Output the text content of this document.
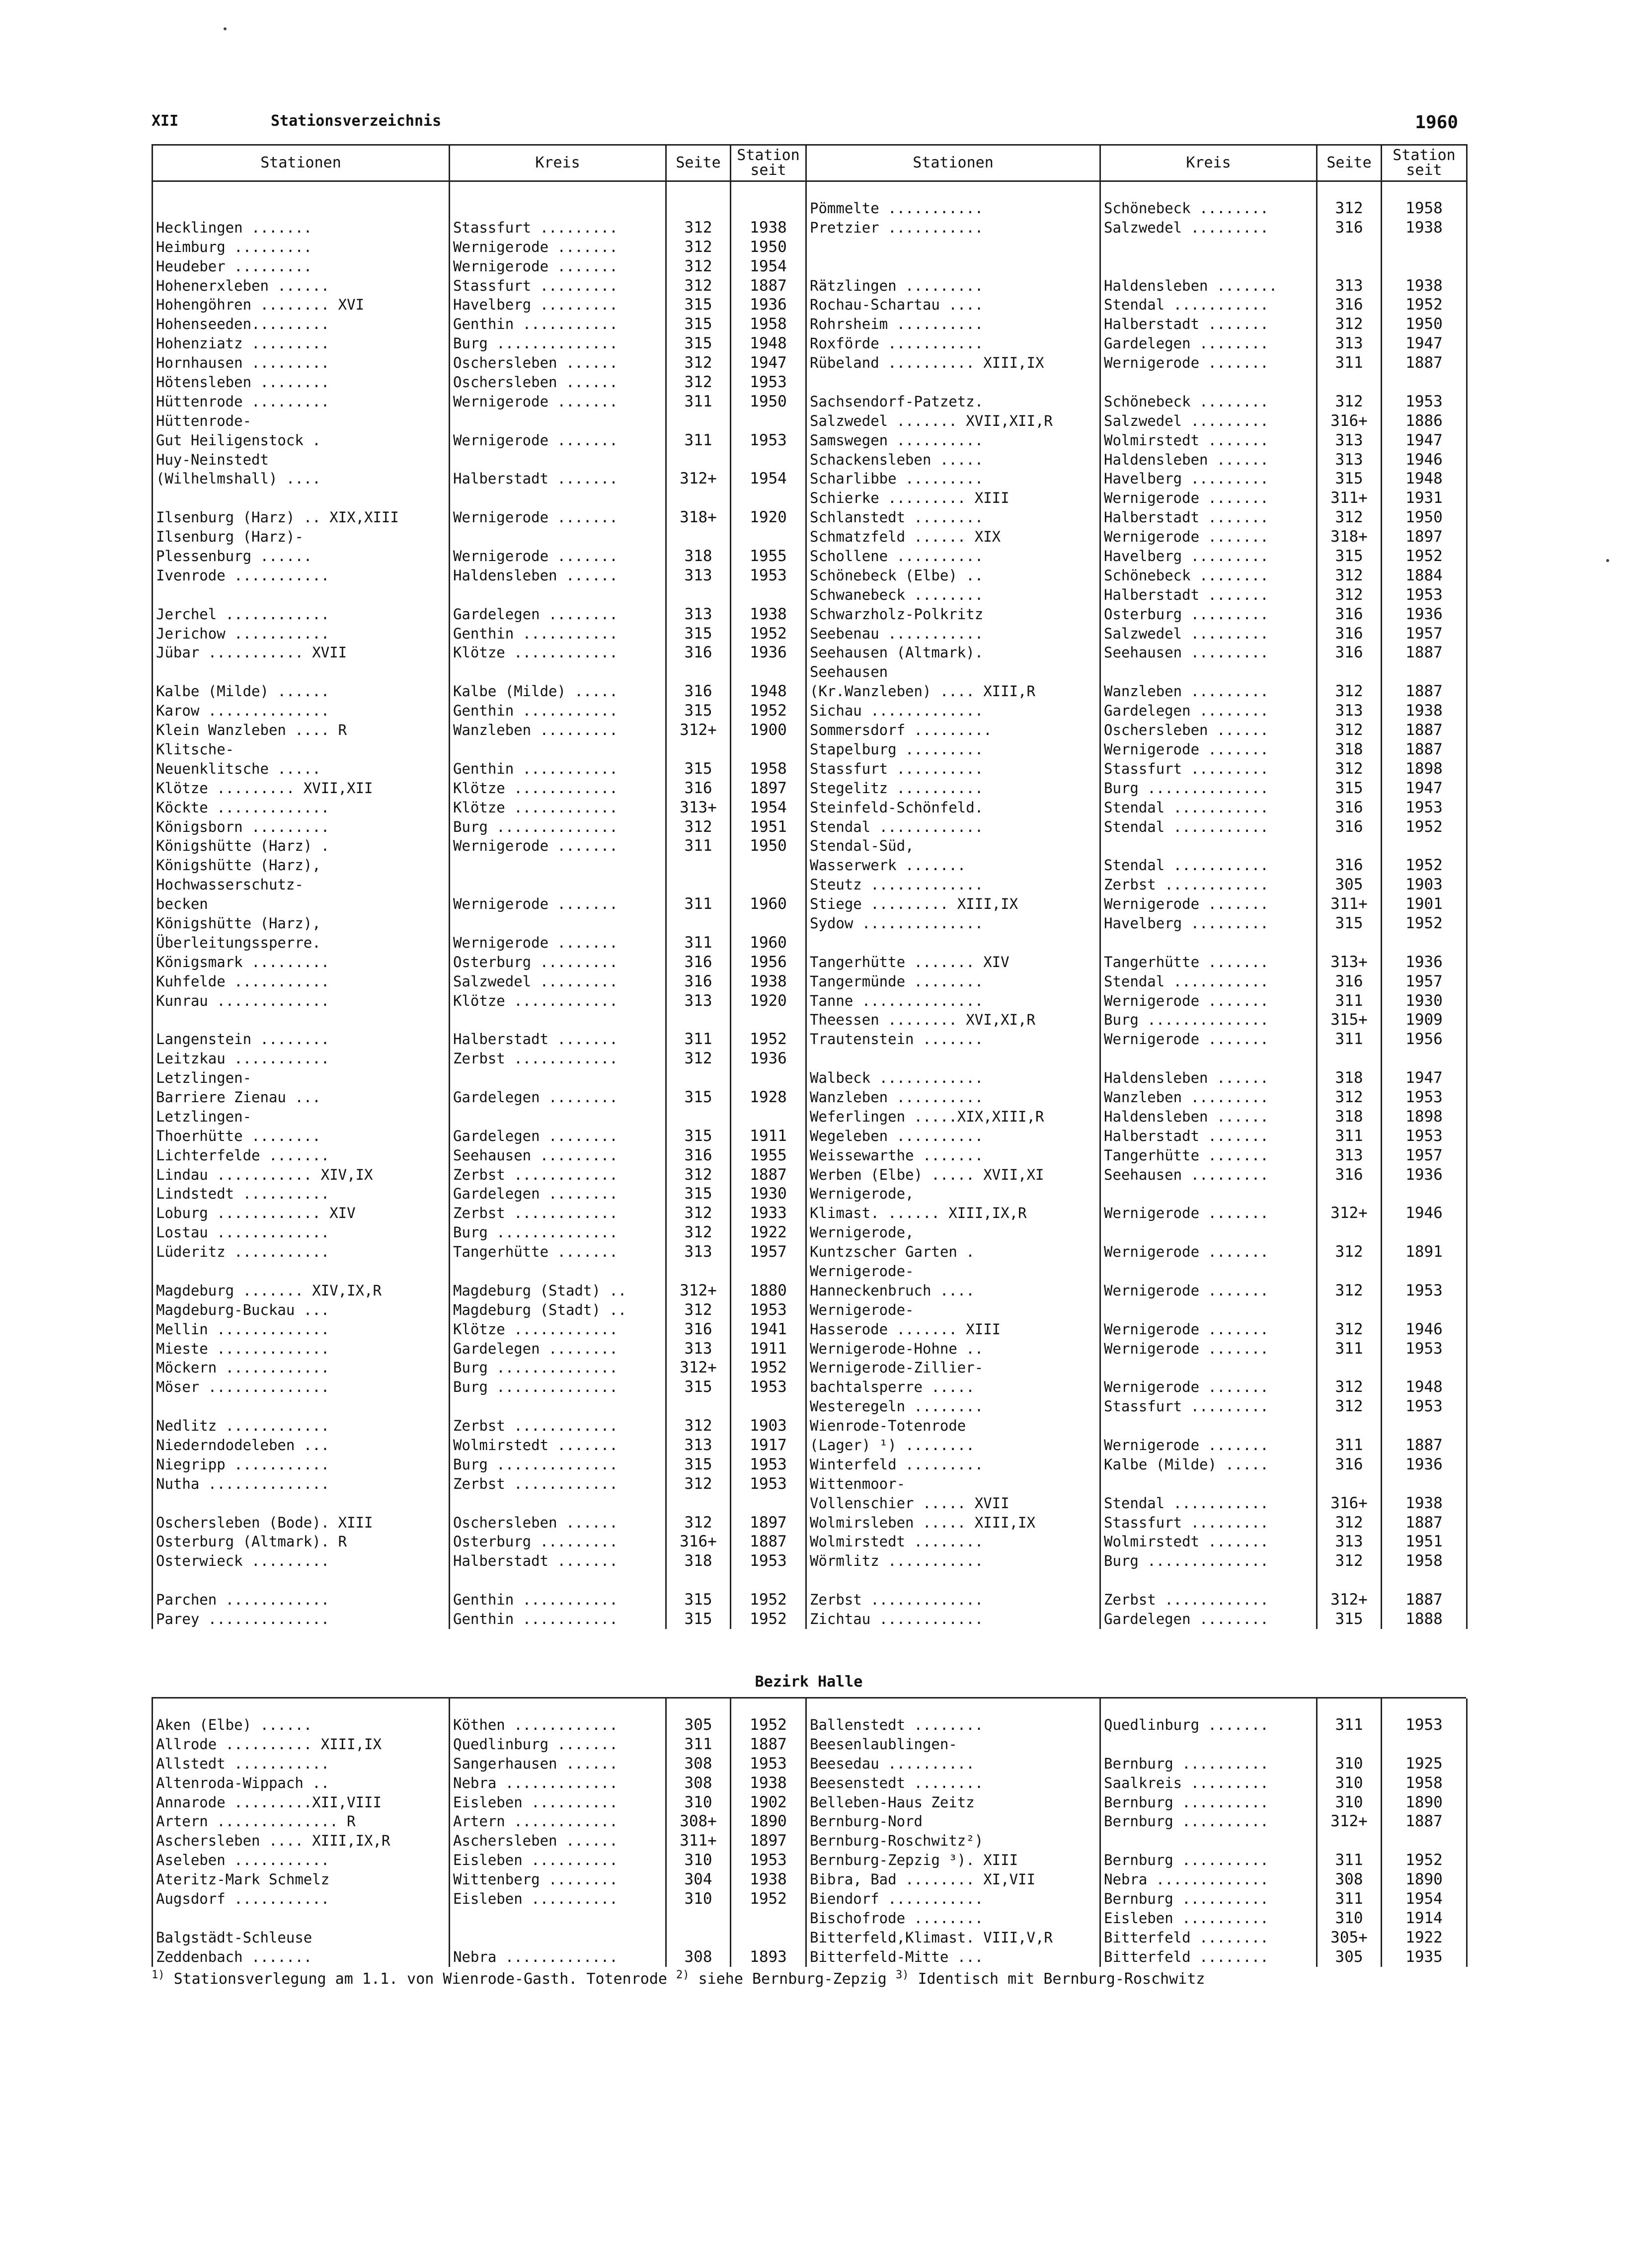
XII	Stationsverzeichnis	1960
Stationen	Kreis	Seite	Station seit	Stationen	Kreis	Seite	Station seit

				Pömmelte ...........	Schönebeck ........	312	1958
Hecklingen .......	Stassfurt .........	312	1938	Pretzier ...........	Salzwedel .........	316	1938
Heimburg .........	Wernigerode .......	312	1950				
Heudeber .........	Wernigerode .......	312	1954				
Hohenerxleben ......	Stassfurt .........	312	1887	Rätzlingen .........	Haldensleben .......	313	1938
Hohengöhren ........ XVI	Havelberg .........	315	1936	Rochau-Schartau ....	Stendal ...........	316	1952
Hohenseeden.........	Genthin ...........	315	1958	Rohrsheim ..........	Halberstadt .......	312	1950
Hohenziatz .........	Burg ..............	315	1948	Roxförde ...........	Gardelegen ........	313	1947
Hornhausen .........	Oschersleben ......	312	1947	Rübeland .......... XIII,IX	Wernigerode .......	311	1887
Hötensleben ........	Oschersleben ......	312	1953				
Hüttenrode .........	Wernigerode .......	311	1950	Sachsendorf-Patzetz.	Schönebeck ........	312	1953
Hüttenrode-				Salzwedel ....... XVII,XII,R	Salzwedel .........	316+	1886
Gut Heiligenstock .	Wernigerode .......	311	1953	Samswegen ..........	Wolmirstedt .......	313	1947
Huy-Neinstedt				Schackensleben .....	Haldensleben ......	313	1946
(Wilhelmshall) ....	Halberstadt .......	312+	1954	Scharlibbe .........	Havelberg .........	315	1948
				Schierke ......... XIII	Wernigerode .......	311+	1931
Ilsenburg (Harz) .. XIX,XIII	Wernigerode .......	318+	1920	Schlanstedt ........	Halberstadt .......	312	1950
Ilsenburg (Harz)-				Schmatzfeld ...... XIX	Wernigerode .......	318+	1897
Plessenburg ......	Wernigerode .......	318	1955	Schollene ..........	Havelberg .........	315	1952
Ivenrode ...........	Haldensleben ......	313	1953	Schönebeck (Elbe) ..	Schönebeck ........	312	1884
				Schwanebeck ........	Halberstadt .......	312	1953
Jerchel ............	Gardelegen ........	313	1938	Schwarzholz-Polkritz	Osterburg .........	316	1936
Jerichow ...........	Genthin ...........	315	1952	Seebenau ...........	Salzwedel .........	316	1957
Jübar ........... XVII	Klötze ............	316	1936	Seehausen (Altmark).	Seehausen .........	316	1887
				Seehausen			
Kalbe (Milde) ......	Kalbe (Milde) .....	316	1948	(Kr.Wanzleben) .... XIII,R	Wanzleben .........	312	1887
Karow ..............	Genthin ...........	315	1952	Sichau .............	Gardelegen ........	313	1938
Klein Wanzleben .... R	Wanzleben .........	312+	1900	Sommersdorf .........	Oschersleben ......	312	1887
Klitsche-				Stapelburg .........	Wernigerode .......	318	1887
Neuenklitsche .....	Genthin ...........	315	1958	Stassfurt ..........	Stassfurt .........	312	1898
Klötze ......... XVII,XII	Klötze ............	316	1897	Stegelitz ..........	Burg ..............	315	1947
Köckte .............	Klötze ............	313+	1954	Steinfeld-Schönfeld.	Stendal ...........	316	1953
Königsborn .........	Burg ..............	312	1951	Stendal ............	Stendal ...........	316	1952
Königshütte (Harz) .	Wernigerode .......	311	1950	Stendal-Süd,			
Königshütte (Harz),				Wasserwerk .......	Stendal ...........	316	1952
Hochwasserschutz-				Steutz .............	Zerbst ............	305	1903
becken	Wernigerode .......	311	1960	Stiege ......... XIII,IX	Wernigerode .......	311+	1901
Königshütte (Harz),				Sydow ..............	Havelberg .........	315	1952
Überleitungssperre.	Wernigerode .......	311	1960				
Königsmark .........	Osterburg .........	316	1956	Tangerhütte ....... XIV	Tangerhütte .......	313+	1936
Kuhfelde ...........	Salzwedel .........	316	1938	Tangermünde ........	Stendal ...........	316	1957
Kunrau .............	Klötze ............	313	1920	Tanne ..............	Wernigerode .......	311	1930
				Theessen ........ XVI,XI,R	Burg ..............	315+	1909
Langenstein ........	Halberstadt .......	311	1952	Trautenstein .......	Wernigerode .......	311	1956
Leitzkau ...........	Zerbst ............	312	1936				
Letzlingen-				Walbeck ............	Haldensleben ......	318	1947
Barriere Zienau ...	Gardelegen ........	315	1928	Wanzleben ..........	Wanzleben .........	312	1953
Letzlingen-				Weferlingen .....XIX,XIII,R	Haldensleben ......	318	1898
Thoerhütte ........	Gardelegen ........	315	1911	Wegeleben ..........	Halberstadt .......	311	1953
Lichterfelde .......	Seehausen .........	316	1955	Weissewarthe .......	Tangerhütte .......	313	1957
Lindau ........... XIV,IX	Zerbst ............	312	1887	Werben (Elbe) ..... XVII,XI	Seehausen .........	316	1936
Lindstedt ..........	Gardelegen ........	315	1930	Wernigerode,			
Loburg ............ XIV	Zerbst ............	312	1933	Klimast. ...... XIII,IX,R	Wernigerode .......	312+	1946
Lostau .............	Burg ..............	312	1922	Wernigerode,			
Lüderitz ...........	Tangerhütte .......	313	1957	Kuntzscher Garten .	Wernigerode .......	312	1891
				Wernigerode-			
Magdeburg ....... XIV,IX,R	Magdeburg (Stadt) ..	312+	1880	Hanneckenbruch ....	Wernigerode .......	312	1953
Magdeburg-Buckau ...	Magdeburg (Stadt) ..	312	1953	Wernigerode-			
Mellin .............	Klötze ............	316	1941	Hasserode ....... XIII	Wernigerode .......	312	1946
Mieste .............	Gardelegen ........	313	1911	Wernigerode-Hohne ..	Wernigerode .......	311	1953
Möckern ............	Burg ..............	312+	1952	Wernigerode-Zillier-			
Möser ..............	Burg ..............	315	1953	bachtalsperre .....	Wernigerode .......	312	1948
				Westeregeln ........	Stassfurt .........	312	1953
Nedlitz ............	Zerbst ............	312	1903	Wienrode-Totenrode			
Niederndodeleben ...	Wolmirstedt .......	313	1917	(Lager) ¹) ........	Wernigerode .......	311	1887
Niegripp ...........	Burg ..............	315	1953	Winterfeld .........	Kalbe (Milde) .....	316	1936
Nutha ..............	Zerbst ............	312	1953	Wittenmoor-			
				Vollenschier ..... XVII	Stendal ...........	316+	1938
Oschersleben (Bode). XIII	Oschersleben ......	312	1897	Wolmirsleben ..... XIII,IX	Stassfurt .........	312	1887
Osterburg (Altmark). R	Osterburg .........	316+	1887	Wolmirstedt ........	Wolmirstedt .......	313	1951
Osterwieck .........	Halberstadt .......	318	1953	Wörmlitz ...........	Burg ..............	312	1958

Parchen ............	Genthin ...........	315	1952	Zerbst .............	Zerbst ............	312+	1887
Parey ..............	Genthin ...........	315	1952	Zichtau ............	Gardelegen ........	315	1888
Bezirk Halle

Aken (Elbe) ......	Köthen ............	305	1952	Ballenstedt ........	Quedlinburg .......	311	1953
Allrode .......... XIII,IX	Quedlinburg .......	311	1887	Beesenlaublingen-			
Allstedt ...........	Sangerhausen ......	308	1953	Beesedau ..........	Bernburg ..........	310	1925
Altenroda-Wippach ..	Nebra .............	308	1938	Beesenstedt ........	Saalkreis .........	310	1958
Annarode .........XII,VIII	Eisleben ..........	310	1902	Belleben-Haus Zeitz	Bernburg ..........	310	1890
Artern .............. R	Artern ............	308+	1890	Bernburg-Nord	Bernburg ..........	312+	1887
Aschersleben .... XIII,IX,R	Aschersleben ......	311+	1897	Bernburg-Roschwitz²)			
Aseleben ...........	Eisleben ..........	310	1953	Bernburg-Zepzig ³). XIII	Bernburg ..........	311	1952
Ateritz-Mark Schmelz	Wittenberg ........	304	1938	Bibra, Bad ........ XI,VII	Nebra .............	308	1890
Augsdorf ...........	Eisleben ..........	310	1952	Biendorf ...........	Bernburg ..........	311	1954
				Bischofrode ........	Eisleben ..........	310	1914
Balgstädt-Schleuse				Bitterfeld,Klimast. VIII,V,R	Bitterfeld ........	305+	1922
Zeddenbach .......	Nebra .............	308	1893	Bitterfeld-Mitte ...	Bitterfeld ........	305	1935
$^{1)}$ Stationsverlegung am 1.1. von Wienrode-Gasth. Totenrode $^{2)}$ siehe Bernburg-Zepzig $^{3)}$ Identisch mit Bernburg-Roschwitz
